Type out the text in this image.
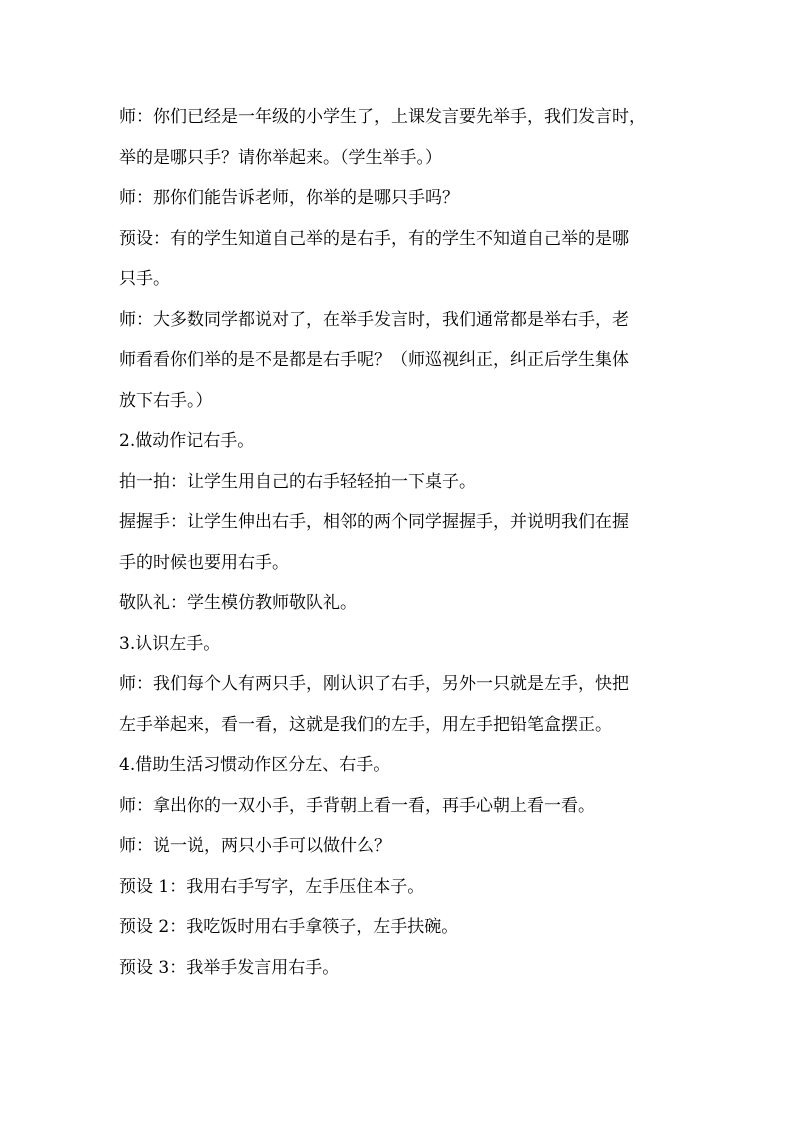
师：你们已经是一年级的小学生了，上课发言要先举手，我们发言时，
举的是哪只手？请你举起来。（学生举手。）
师：那你们能告诉老师，你举的是哪只手吗？
预设：有的学生知道自己举的是右手，有的学生不知道自己举的是哪
只手。
师：大多数同学都说对了，在举手发言时，我们通常都是举右手，老
师看看你们举的是不是都是右手呢？（师巡视纠正，纠正后学生集体
放下右手。）
2.做动作记右手。
拍一拍：让学生用自己的右手轻轻拍一下桌子。
握握手：让学生伸出右手，相邻的两个同学握握手，并说明我们在握
手的时候也要用右手。
敬队礼：学生模仿教师敬队礼。
3.认识左手。
师：我们每个人有两只手，刚认识了右手，另外一只就是左手，快把
左手举起来，看一看，这就是我们的左手，用左手把铅笔盒摆正。
4.借助生活习惯动作区分左、右手。
师：拿出你的一双小手，手背朝上看一看，再手心朝上看一看。
师：说一说，两只小手可以做什么？
预设 1：我用右手写字，左手压住本子。
预设 2：我吃饭时用右手拿筷子，左手扶碗。
预设 3：我举手发言用右手。
